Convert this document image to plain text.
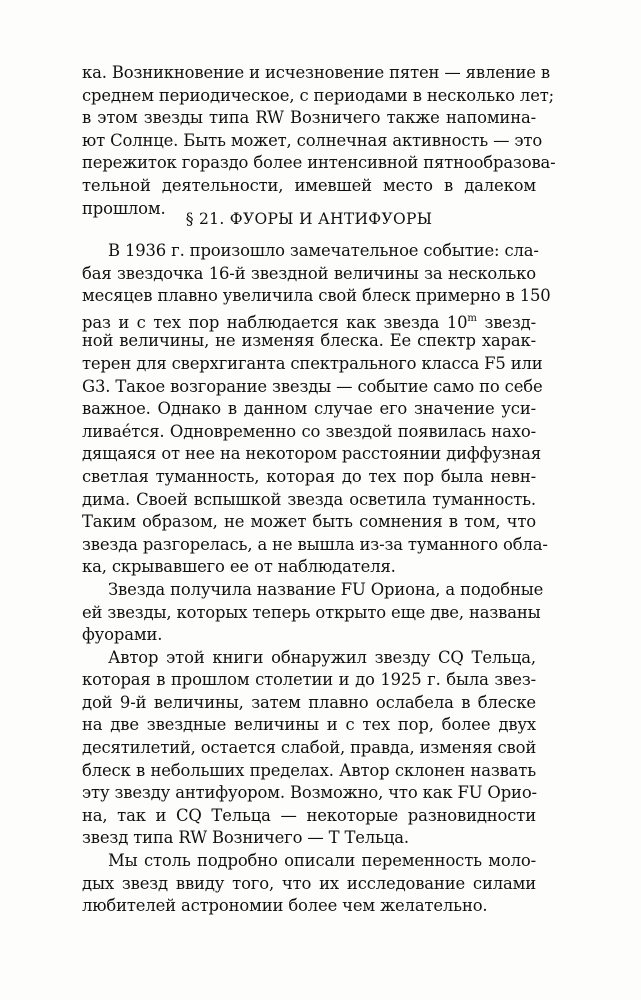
ка. Возникновение и исчезновение пятен — явление в
среднем периодическое, с периодами в несколько лет;
в этом звезды типа RW Возничего также напомина-
ют Солнце. Быть может, солнечная активность — это
пережиток гораздо более интенсивной пятнообразова-
тельной деятельности, имевшей место в далеком
прошлом.
§ 21. ФУОРЫ И АНТИФУОРЫ
В 1936 г. произошло замечательное событие: сла-
бая звездочка 16-й звездной величины за несколько
месяцев плавно увеличила свой блеск примерно в 150
раз и с тех пор наблюдается как звезда 10$^m$ звезд-
ной величины, не изменяя блеска. Ее спектр харак-
терен для сверхгиганта спектрального класса F5 или
G3. Такое возгорание звезды — событие само по себе
важное. Однако в данном случае его значение уси-
ливае́тся. Одновременно со звездой появилась нахо-
дящаяся от нее на некотором расстоянии диффузная
светлая туманность, которая до тех пор была невн-
дима. Своей вспышкой звезда осветила туманность.
Таким образом, не может быть сомнения в том, что
звезда разгорелась, а не вышла из-за туманного обла-
ка, скрывавшего ее от наблюдателя.
Звезда получила название FU Ориона, а подобные
ей звезды, которых теперь открыто еще две, названы
фуорами.
Автор этой книги обнаружил звезду CQ Тельца,
которая в прошлом столетии и до 1925 г. была звез-
дой 9-й величины, затем плавно ослабела в блеске
на две звездные величины и с тех пор, более двух
десятилетий, остается слабой, правда, изменяя свой
блеск в небольших пределах. Автор склонен назвать
эту звезду антифуором. Возможно, что как FU Орио-
на, так и CQ Тельца — некоторые разновидности
звезд типа RW Возничего — Т Тельца.
Мы столь подробно описали переменность моло-
дых звезд ввиду того, что их исследование силами
любителей астрономии более чем желательно.
